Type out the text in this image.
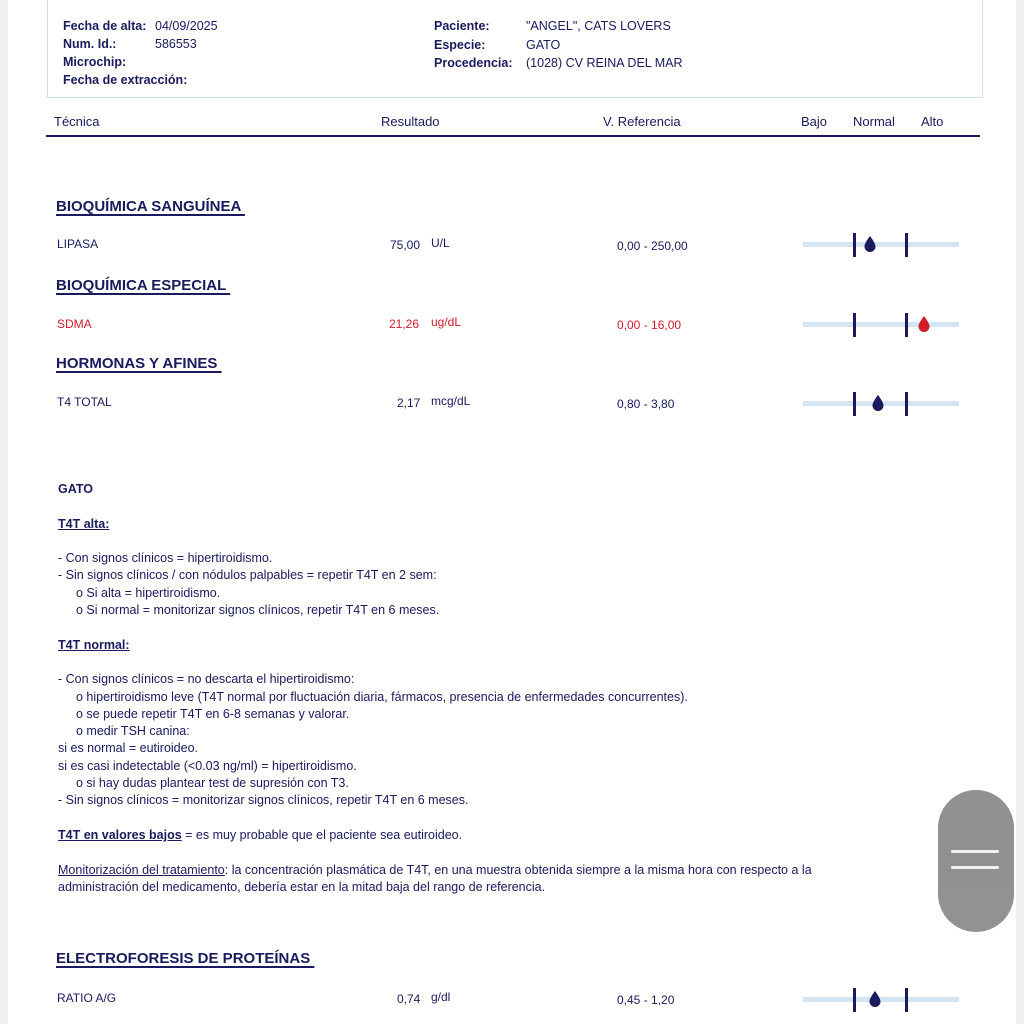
Fecha de alta: 04/09/2025
Num. Id.:	586553
Microchip:
Fecha de extracción:
Paciente:	"ANGEL", CATS LOVERS
Especie:	GATO
Procedencia: (1028) CV REINA DEL MAR
Técnica	Resultado	V. Referencia	Bajo Normal Alto
BIOQUÍMICA SANGUÍNEA
LIPASA	75,00 U/L	0,00 - 250,00
BIOQUÍMICA ESPECIAL
SDMA	21,26 ug/dL	0,00 - 16,00
HORMONAS Y AFINES
T4 TOTAL	2,17 mcg/dL	0,80 - 3,80
GATO
T4T alta:
- Con signos clínicos = hipertiroidismo.
- Sin signos clínicos / con nódulos palpables = repetir T4T en 2 sem:
o Si alta = hipertiroidismo.
o Si normal = monitorizar signos clínicos, repetir T4T en 6 meses.
T4T normal:
- Con signos clínicos = no descarta el hipertiroidismo:
o hipertiroidismo leve (T4T normal por fluctuación diaria, fármacos, presencia de enfermedades concurrentes).
o se puede repetir T4T en 6-8 semanas y valorar.
o medir TSH canina:
si es normal = eutiroideo.
si es casi indetectable (<0.03 ng/ml) = hipertiroidismo.
o si hay dudas plantear test de supresión con T3.
- Sin signos clínicos = monitorizar signos clínicos, repetir T4T en 6 meses.
T4T en valores bajos = es muy probable que el paciente sea eutiroideo.
Monitorización del tratamiento: la concentración plasmática de T4T, en una muestra obtenida siempre a la misma hora con respecto a la
administración del medicamento, debería estar en la mitad baja del rango de referencia.
ELECTROFORESIS DE PROTEÍNAS
RATIO A/G	0,74 g/dl	0,45 - 1,20
